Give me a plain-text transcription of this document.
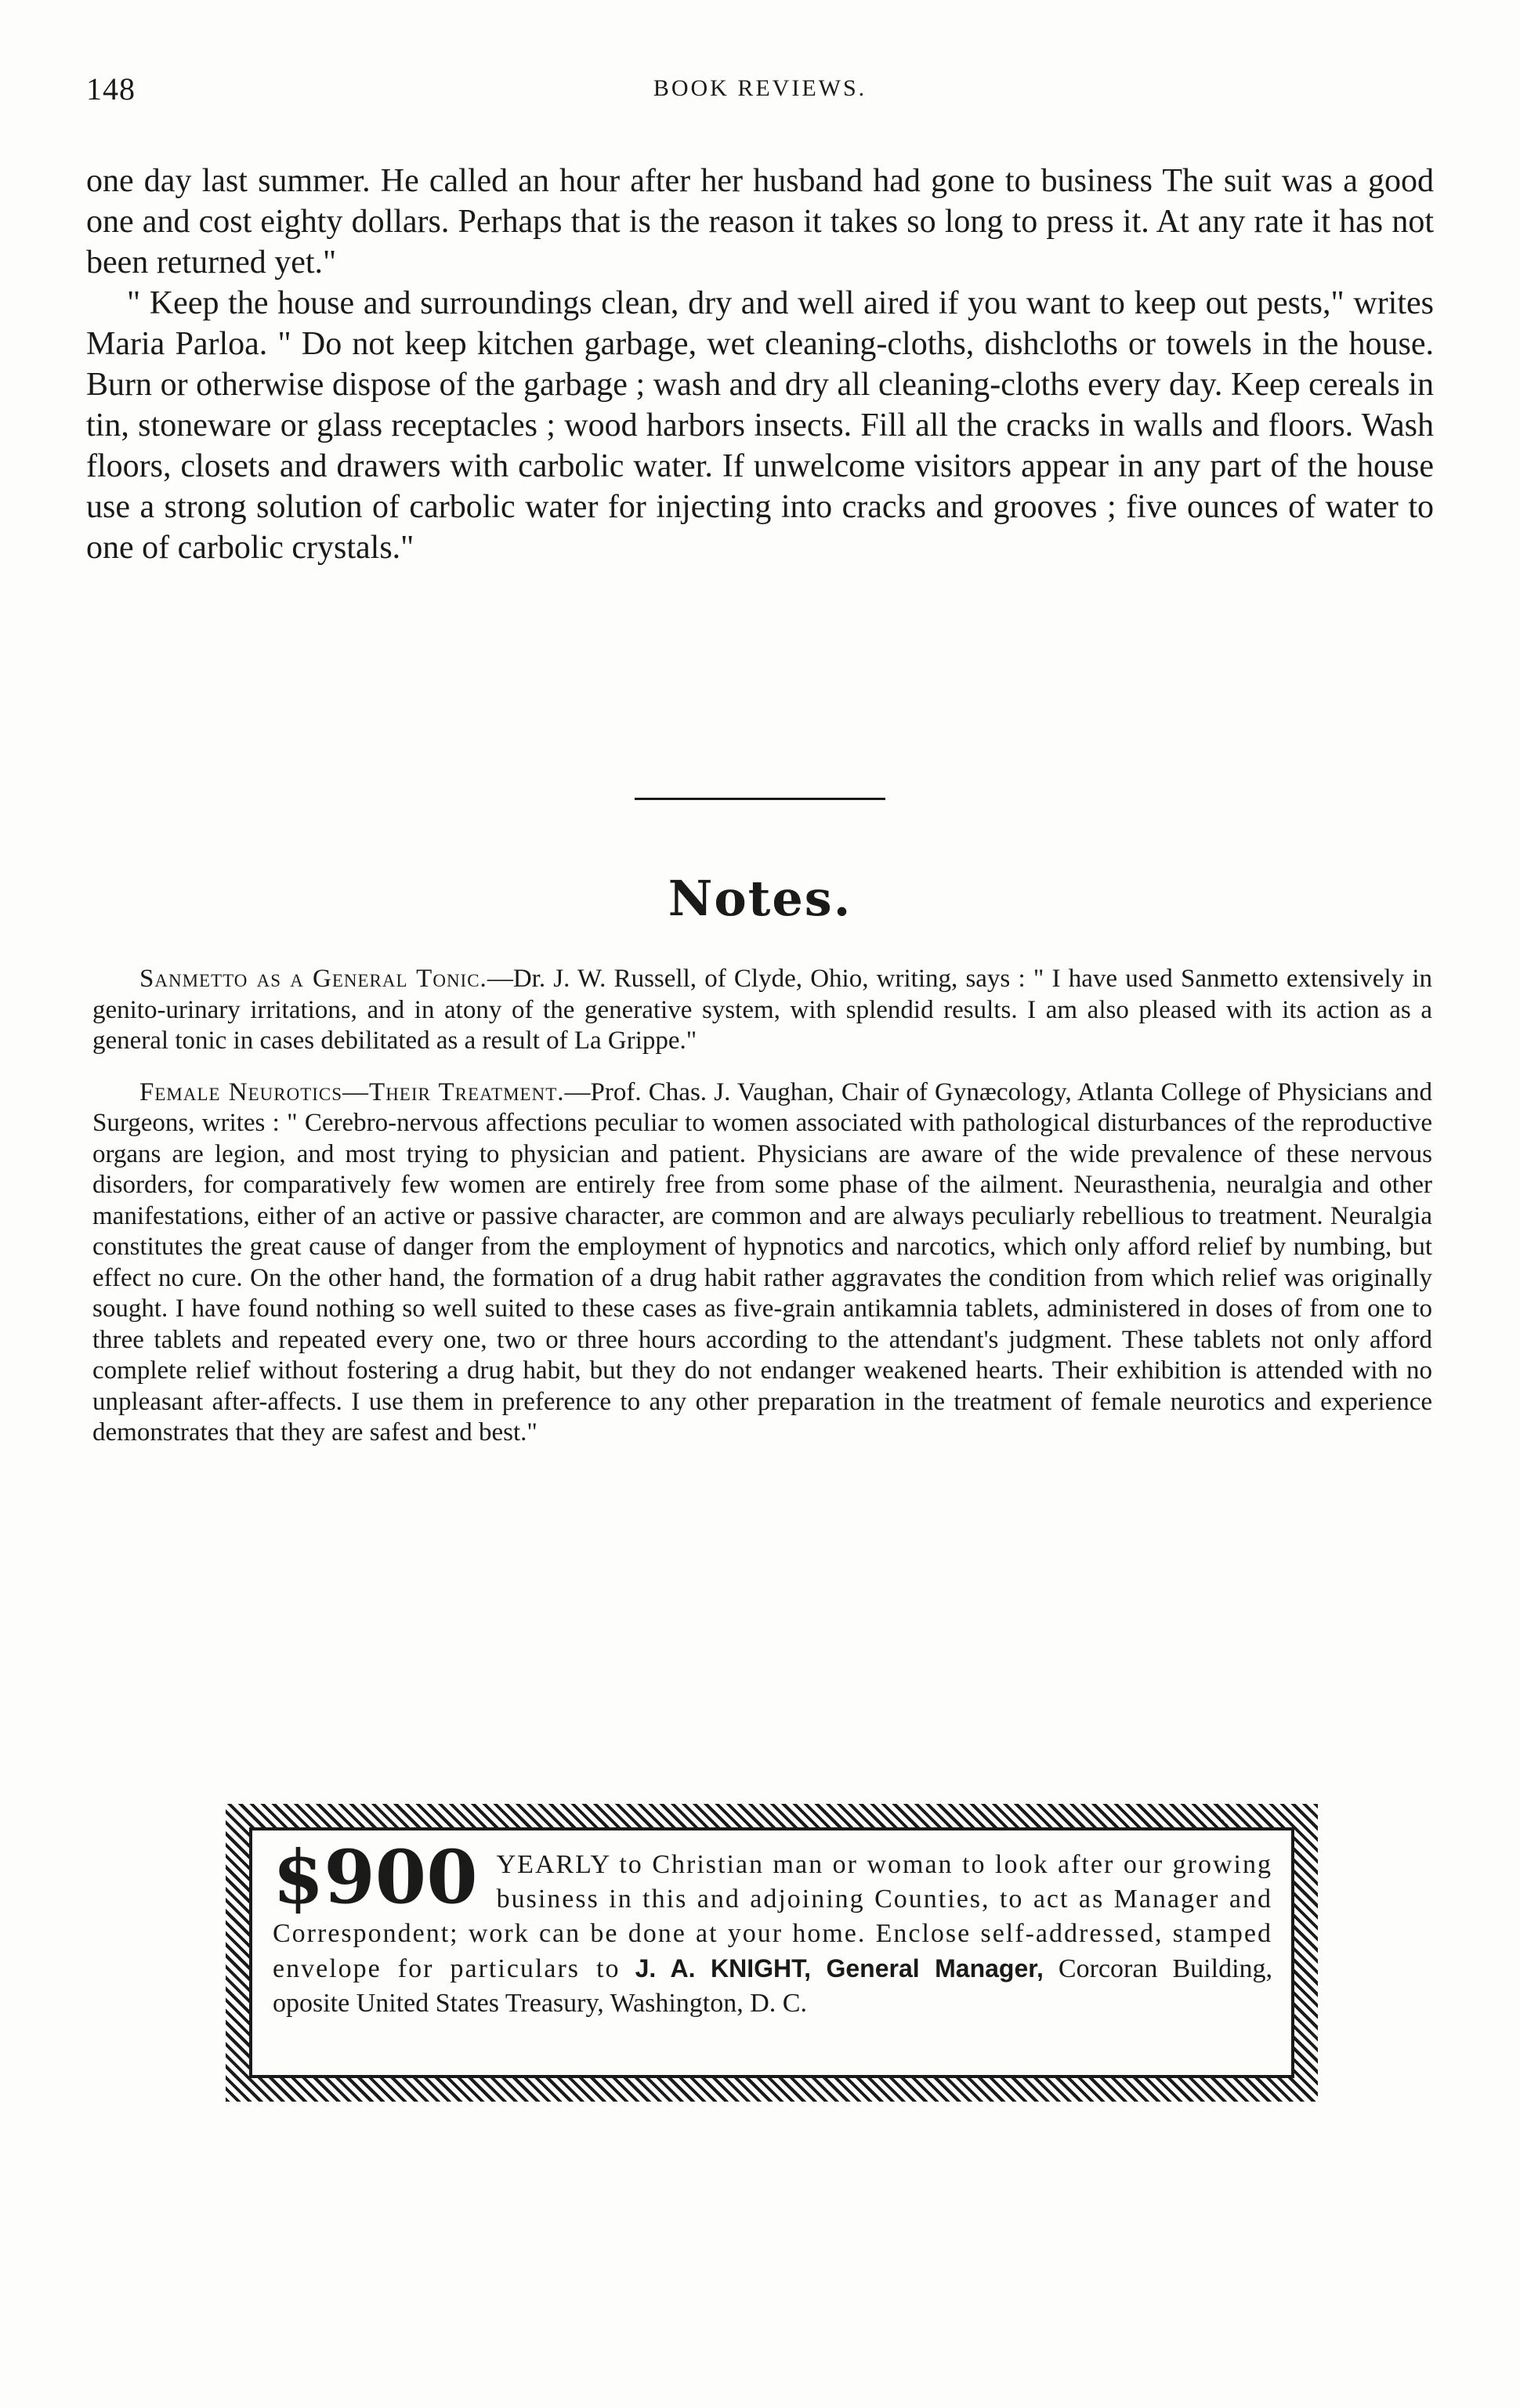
148	BOOK REVIEWS.

one day last summer. He called an hour after her husband had gone to business The suit was a good one and cost eighty dollars. Perhaps that is the reason it takes so long to press it. At any rate it has not been returned yet."

" Keep the house and surroundings clean, dry and well aired if you want to keep out pests," writes Maria Parloa. " Do not keep kitchen garbage, wet cleaning-cloths, dishcloths or towels in the house. Burn or otherwise dispose of the garbage ; wash and dry all cleaning-cloths every day. Keep cereals in tin, stoneware or glass receptacles ; wood harbors insects. Fill all the cracks in walls and floors. Wash floors, closets and drawers with carbolic water. If unwelcome visitors appear in any part of the house use a strong solution of carbolic water for injecting into cracks and grooves ; five ounces of water to one of carbolic crystals."

Notes.

Sanmetto as a General Tonic.—Dr. J. W. Russell, of Clyde, Ohio, writing, says : " I have used Sanmetto extensively in genito-urinary irritations, and in atony of the generative system, with splendid results. I am also pleased with its action as a general tonic in cases debilitated as a result of La Grippe."

Female Neurotics—Their Treatment.—Prof. Chas. J. Vaughan, Chair of Gynæcology, Atlanta College of Physicians and Surgeons, writes : " Cerebro-nervous affections peculiar to women associated with pathological disturbances of the reproductive organs are legion, and most trying to physician and patient. Physicians are aware of the wide prevalence of these nervous disorders, for comparatively few women are entirely free from some phase of the ailment. Neurasthenia, neuralgia and other manifestations, either of an active or passive character, are common and are always peculiarly rebellious to treatment. Neuralgia constitutes the great cause of danger from the employment of hypnotics and narcotics, which only afford relief by numbing, but effect no cure. On the other hand, the formation of a drug habit rather aggravates the condition from which relief was originally sought. I have found nothing so well suited to these cases as five-grain antikamnia tablets, administered in doses of from one to three tablets and repeated every one, two or three hours according to the attendant's judgment. These tablets not only afford complete relief without fostering a drug habit, but they do not endanger weakened hearts. Their exhibition is attended with no unpleasant after-affects. I use them in preference to any other preparation in the treatment of female neurotics and experience demonstrates that they are safest and best."

$900 YEARLY to Christian man or woman to look after our growing business in this and adjoining Counties, to act as Manager and Correspondent; work can be done at your home. Enclose self-addressed, stamped envelope for particulars to J. A. KNIGHT, General Manager, Corcoran Building, oposite United States Treasury, Washington, D. C.
